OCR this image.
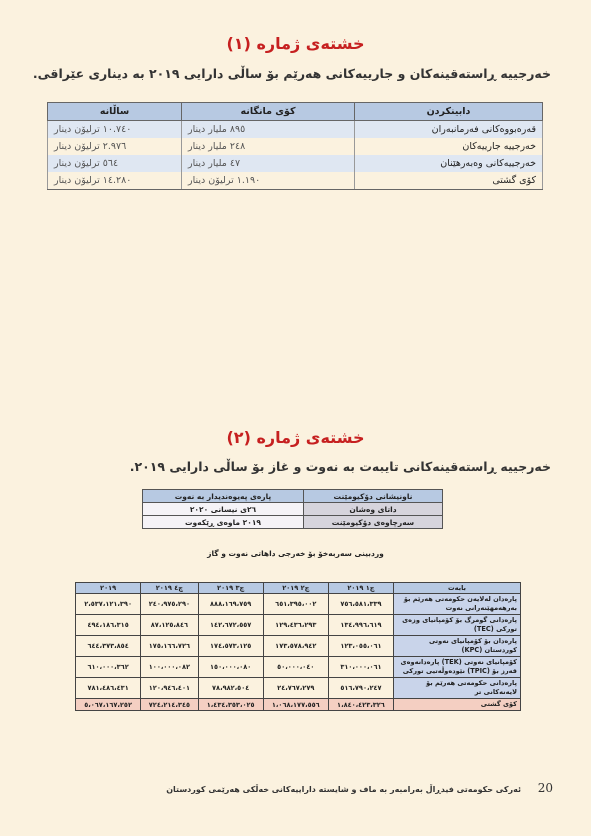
خشتەی ژمارە (١)
خەرجییە ڕاستەقینەکان و جارییەکانی هەرێم بۆ ساڵی دارایی ٢٠١٩ بە دیناری عێراقی.
دابینکردن	کۆی مانگانە	ساڵانە
قەرەبووەکانی فەرمانبەران	٨٩٥ مليار دينار	١٠.٧٤٠ ترليۆن دينار
خەرجییە جارییەکان	٢٤٨ مليار دينار	٢.٩٧٦ ترليۆن دينار
خەرجییەکانی وەبەرهێنان	٤٧ مليار دينار	٥٦٤ ترليۆن دينار
کۆی گشتی	١.١٩٠ ترليۆن دينار	١٤.٢٨٠ ترليۆن دينار
خشتەی ژمارە (٢)
خەرجییە ڕاستەقینەکانی تایبەت بە نەوت و غاز بۆ ساڵی دارایی ٢٠١٩.
ناونیشانی دۆکیومێنت	پارەی پەیوەندیدار بە نەوت
داتای وەشان	٢٦ی نیسانی ٢٠٢٠
سەرچاوەی دۆکیومێنت	٢٠١٩ ماوەی ڕێکەوت
وردبینی سەربەخۆ بۆ خەرجی داهاتی نەوت و گاز
بابەت	چ١ ٢٠١٩	چ٢ ٢٠١٩	چ٣ ٢٠١٩	چ٤ ٢٠١٩	٢٠١٩
پارەدان لەلایەن حکومەتی هەرێم بۆ بەرهەمهێنەرانی نەوت	٧٥٦،٥٨١،٣٣٩	٦٥١،٣٩٥،٠٠٢	٨٨٨،١٦٩،٧٥٩	٢٤٠،٩٧٥،٢٩٠	٢،٥٣٧،١٢١،٣٩٠
پارەدانی گومرگ بۆ کۆمپانیای وزەی تورکی (TEC)	١٣٤،٩٩٦،٦١٩	١٢٩،٤٣٦،٢٩٣	١٤٢،٦٧٢،٥٥٧	٨٧،١٢٥،٨٤٦	٤٩٤،١٨٦،٣١٥
پارەدان بۆ کۆمپانیای نەوتی کوردستان (KPC)	١٢٣،٠٥٥،٠٦١	١٧٣،٥٧٨،٩٤٢	١٧٤،٥٧٣،١٢٥	١٧٥،١٦٦،٧٢٦	٦٤٤،٣٧٣،٨٥٤
کۆمپانیای نەوتی (TEK) پارەدانەوەی قەرز بۆ (TPIC) نێودەوڵەتیی تورکی	٣١٠،٠٠٠،٠٦١	٥٠،٠٠٠،٠٤٠	١٥٠،٠٠٠،٠٨٠	١٠٠،٠٠٠،٠٨٢	٦١٠،٠٠٠،٣٦٢
پارەدانی حکومەتی هەرێم بۆ لایەنەکانی تر	٥١٦،٧٩٠،٢٤٧	٢٤،٧٦٧،٢٧٩	٧٨،٩٨٢،٥٠٤	١٢٠،٩٤٦،٤٠١	٧٨١،٤٨٦،٤٣١
کۆی گشتی	١،٨٤٠،٤٢٣،٣٢٦	١،٠٦٨،١٧٧،٥٥٦	١،٤٣٤،٣٥٣،٠٢٥	٧٢٤،٢١٤،٣٤٥	٥،٠٦٧،١٦٧،٢٥٢
ئەرکی حکومەتی فیدڕاڵ بەرامبەر بە ماف و شایستە داراییەکانی خەڵکی هەرێمی کوردستان 20
